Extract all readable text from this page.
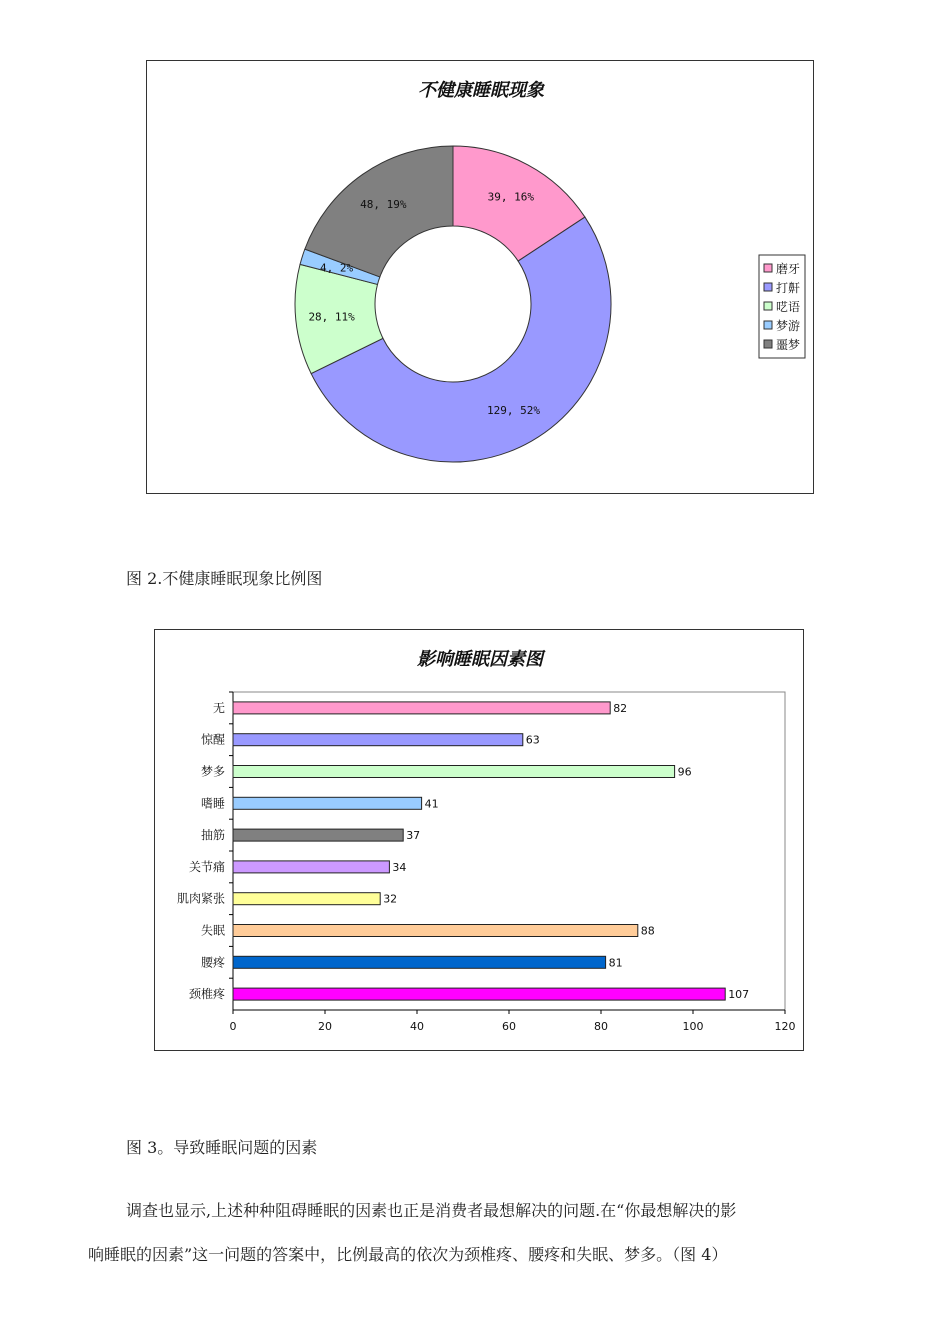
不健康睡眠现象
39, 16%
129, 52%
28, 11%
4, 2%
48, 19%
磨牙
打鼾
呓语
梦游
噩梦
图 2.不健康睡眠现象比例图
影响睡眠因素图
0	20	40	60	80	100	120
无	82
惊醒	63
梦多	96
嗜睡	41
抽筋	37
关节痛	34
肌肉紧张	32
失眠	88
腰疼	81
颈椎疼	107
图 3。导致睡眠问题的因素
调查也显示,上述种种阻碍睡眠的因素也正是消费者最想解决的问题.在“你最想解决的影
响睡眠的因素”这一问题的答案中，比例最高的依次为颈椎疼、腰疼和失眠、梦多。（图 4）
